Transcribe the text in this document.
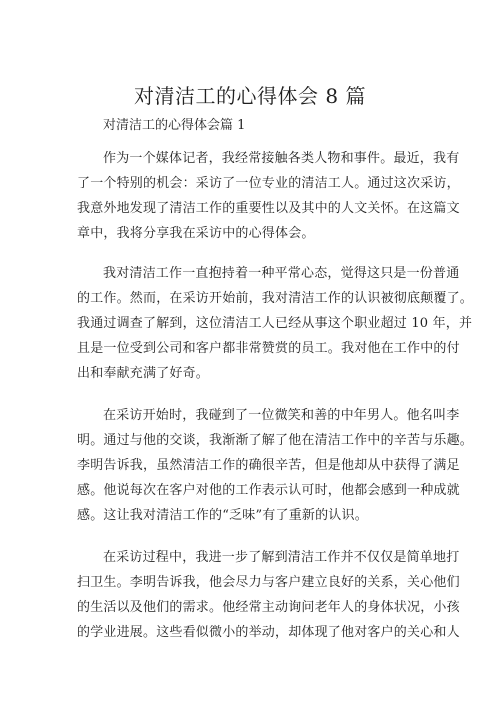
对清洁工的心得体会 8 篇

对清洁工的心得体会篇 1

作为一个媒体记者，我经常接触各类人物和事件。最近，我有
了一个特别的机会：采访了一位专业的清洁工人。通过这次采访，
我意外地发现了清洁工作的重要性以及其中的人文关怀。在这篇文
章中，我将分享我在采访中的心得体会。
我对清洁工作一直抱持着一种平常心态，觉得这只是一份普通
的工作。然而，在采访开始前，我对清洁工作的认识被彻底颠覆了。
我通过调查了解到，这位清洁工人已经从事这个职业超过 10 年，并
且是一位受到公司和客户都非常赞赏的员工。我对他在工作中的付
出和奉献充满了好奇。
在采访开始时，我碰到了一位微笑和善的中年男人。他名叫李
明。通过与他的交谈，我渐渐了解了他在清洁工作中的辛苦与乐趣。
李明告诉我，虽然清洁工作的确很辛苦，但是他却从中获得了满足
感。他说每次在客户对他的工作表示认可时，他都会感到一种成就
感。这让我对清洁工作的“乏味”有了重新的认识。
在采访过程中，我进一步了解到清洁工作并不仅仅是简单地打
扫卫生。李明告诉我，他会尽力与客户建立良好的关系，关心他们
的生活以及他们的需求。他经常主动询问老年人的身体状况，小孩
的学业进展。这些看似微小的举动，却体现了他对客户的关心和人
